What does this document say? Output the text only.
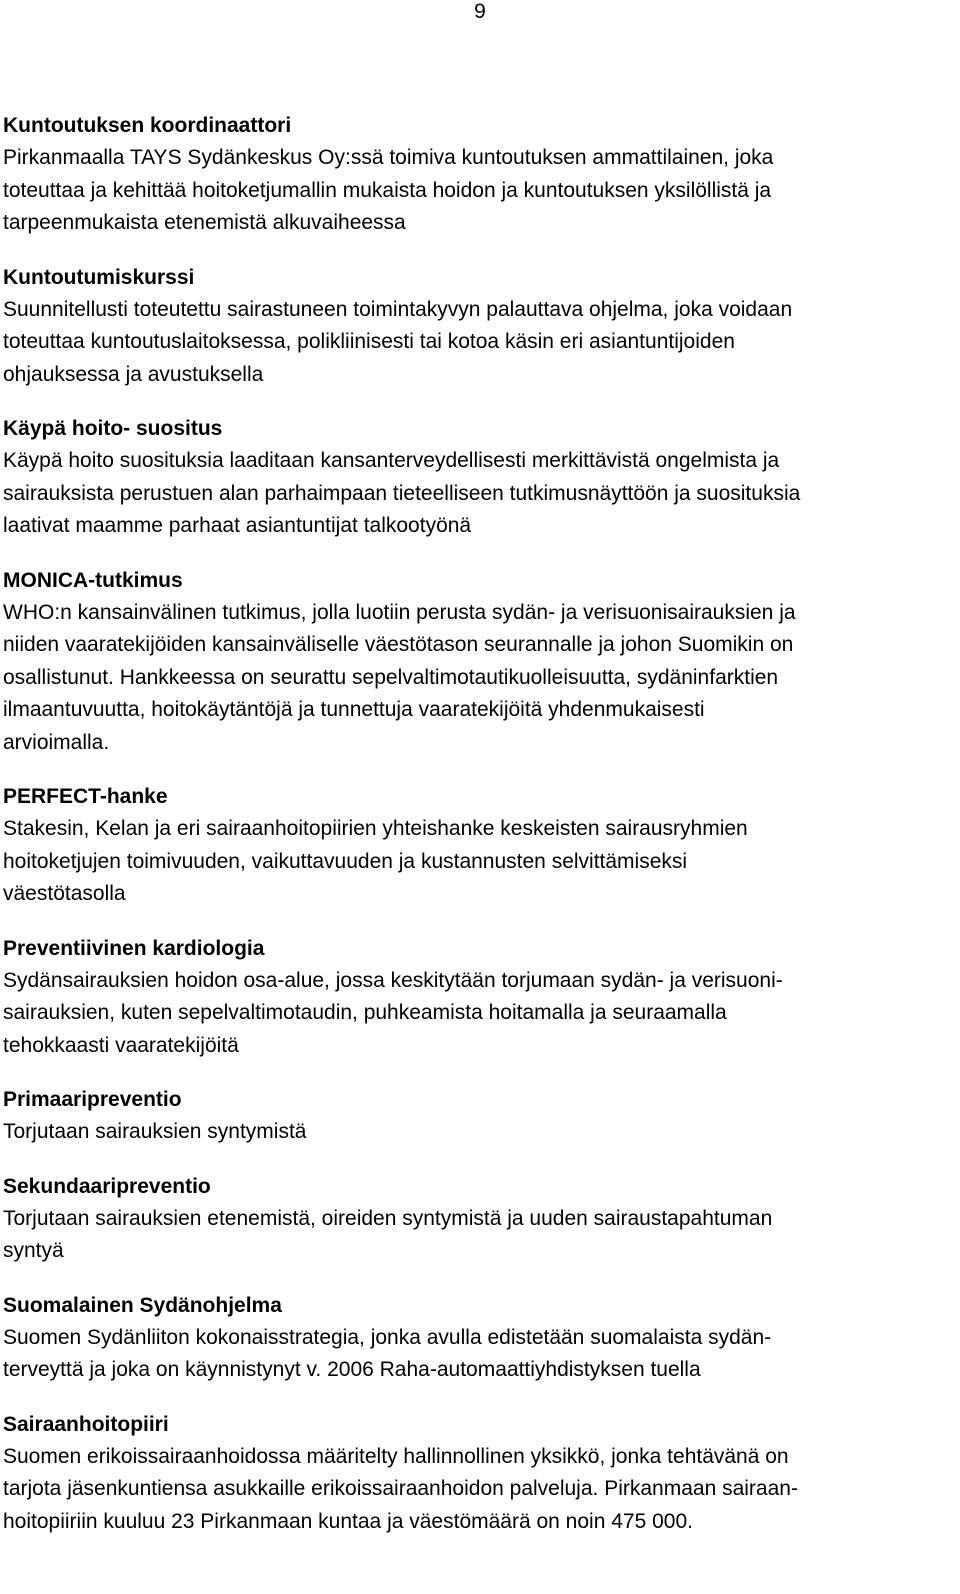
9

Kuntoutuksen koordinaattori

Pirkanmaalla TAYS Sydänkeskus Oy:ssä toimiva kuntoutuksen ammattilainen, joka
toteuttaa ja kehittää hoitoketjumallin mukaista hoidon ja kuntoutuksen yksilöllistä ja
tarpeenmukaista etenemistä alkuvaiheessa

Kuntoutumiskurssi

Suunnitellusti toteutettu sairastuneen toimintakyvyn palauttava ohjelma, joka voidaan
toteuttaa kuntoutuslaitoksessa, polikliinisesti tai kotoa käsin eri asiantuntijoiden
ohjauksessa ja avustuksella

Käypä hoito- suositus

Käypä hoito suosituksia laaditaan kansanterveydellisesti merkittävistä ongelmista ja
sairauksista perustuen alan parhaimpaan tieteelliseen tutkimusnäyttöön ja suosituksia
laativat maamme parhaat asiantuntijat talkootyönä

MONICA-tutkimus

WHO:n kansainvälinen tutkimus, jolla luotiin perusta sydän- ja verisuonisairauksien ja
niiden vaaratekijöiden kansainväliselle väestötason seurannalle ja johon Suomikin on
osallistunut. Hankkeessa on seurattu sepelvaltimotautikuolleisuutta, sydäninfarktien
ilmaantuvuutta, hoitokäytäntöjä ja tunnettuja vaaratekijöitä yhdenmukaisesti
arvioimalla.

PERFECT-hanke

Stakesin, Kelan ja eri sairaanhoitopiirien yhteishanke keskeisten sairausryhmien
hoitoketjujen toimivuuden, vaikuttavuuden ja kustannusten selvittämiseksi
väestötasolla

Preventiivinen kardiologia

Sydänsairauksien hoidon osa-alue, jossa keskitytään torjumaan sydän- ja verisuoni-
sairauksien, kuten sepelvaltimotaudin, puhkeamista hoitamalla ja seuraamalla
tehokkaasti vaaratekijöitä

Primaaripreventio

Torjutaan sairauksien syntymistä

Sekundaaripreventio

Torjutaan sairauksien etenemistä, oireiden syntymistä ja uuden sairaustapahtuman
syntyä

Suomalainen Sydänohjelma

Suomen Sydänliiton kokonaisstrategia, jonka avulla edistetään suomalaista sydän-
terveyttä ja joka on käynnistynyt v. 2006 Raha-automaattiyhdistyksen tuella

Sairaanhoitopiiri

Suomen erikoissairaanhoidossa määritelty hallinnollinen yksikkö, jonka tehtävänä on
tarjota jäsenkuntiensa asukkaille erikoissairaanhoidon palveluja. Pirkanmaan sairaan-
hoitopiiriin kuuluu 23 Pirkanmaan kuntaa ja väestömäärä on noin 475 000.
